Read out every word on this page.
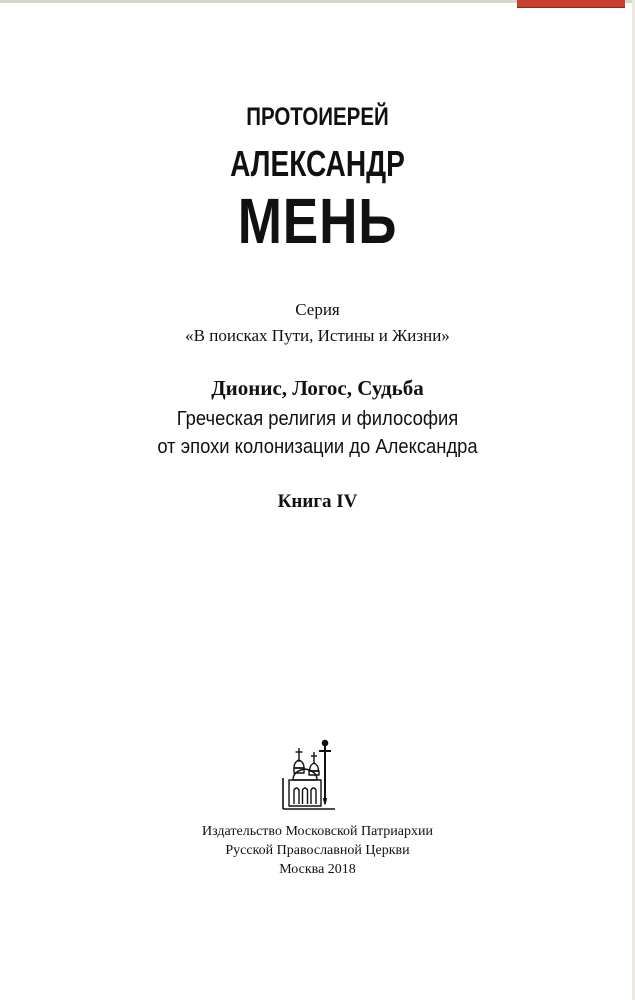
ПРОТОИЕРЕЙ
АЛЕКСАНДР
МЕНЬ
Серия
«В поисках Пути, Истины и Жизни»
Дионис, Логос, Судьба
Греческая религия и философия
от эпохи колонизации до Александра
Книга IV
Издательство Московской Патриархии
Русской Православной Церкви
Москва 2018
